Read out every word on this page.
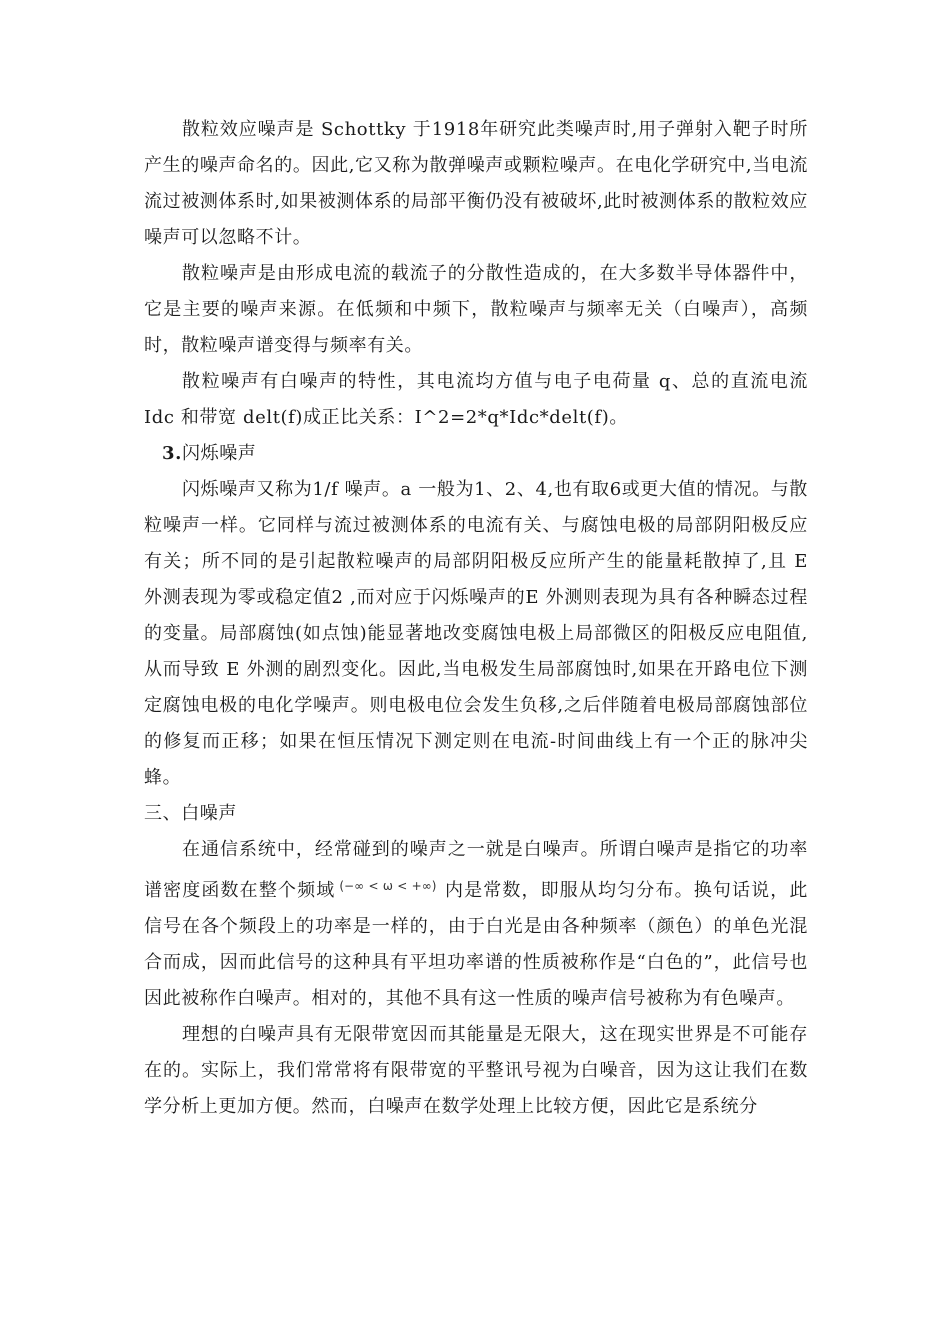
散粒效应噪声是 Schottky 于1918年研究此类噪声时,用子弹射入靶子时所产生的噪声命名的。因此,它又称为散弹噪声或颗粒噪声。在电化学研究中,当电流流过被测体系时,如果被测体系的局部平衡仍没有被破坏,此时被测体系的散粒效应噪声可以忽略不计。

散粒噪声是由形成电流的载流子的分散性造成的，在大多数半导体器件中，它是主要的噪声来源。在低频和中频下，散粒噪声与频率无关（白噪声），高频时，散粒噪声谱变得与频率有关。

散粒噪声有白噪声的特性，其电流均方值与电子电荷量 q、总的直流电流 Idc 和带宽 delt(f)成正比关系：I^2=2*q*Idc*delt(f)。

3.闪烁噪声

闪烁噪声又称为1/f 噪声。a 一般为1、2、4,也有取6或更大值的情况。与散粒噪声一样。它同样与流过被测体系的电流有关、与腐蚀电极的局部阴阳极反应有关；所不同的是引起散粒噪声的局部阴阳极反应所产生的能量耗散掉了,且 E 外测表现为零或稳定值2 ,而对应于闪烁噪声的E 外测则表现为具有各种瞬态过程的变量。局部腐蚀(如点蚀)能显著地改变腐蚀电极上局部微区的阳极反应电阻值,从而导致 E 外测的剧烈变化。因此,当电极发生局部腐蚀时,如果在开路电位下测定腐蚀电极的电化学噪声。则电极电位会发生负移,之后伴随着电极局部腐蚀部位的修复而正移；如果在恒压情况下测定则在电流-时间曲线上有一个正的脉冲尖蜂。

三、白噪声

在通信系统中，经常碰到的噪声之一就是白噪声。所谓白噪声是指它的功率谱密度函数在整个频域 $^{(-\infty < \omega < +\infty)}$ 内是常数，即服从均匀分布。换句话说，此信号在各个频段上的功率是一样的，由于白光是由各种频率（颜色）的单色光混合而成，因而此信号的这种具有平坦功率谱的性质被称作是“白色的”，此信号也因此被称作白噪声。相对的，其他不具有这一性质的噪声信号被称为有色噪声。

理想的白噪声具有无限带宽因而其能量是无限大，这在现实世界是不可能存在的。实际上，我们常常将有限带宽的平整讯号视为白噪音，因为这让我们在数学分析上更加方便。然而，白噪声在数学处理上比较方便，因此它是系统分
